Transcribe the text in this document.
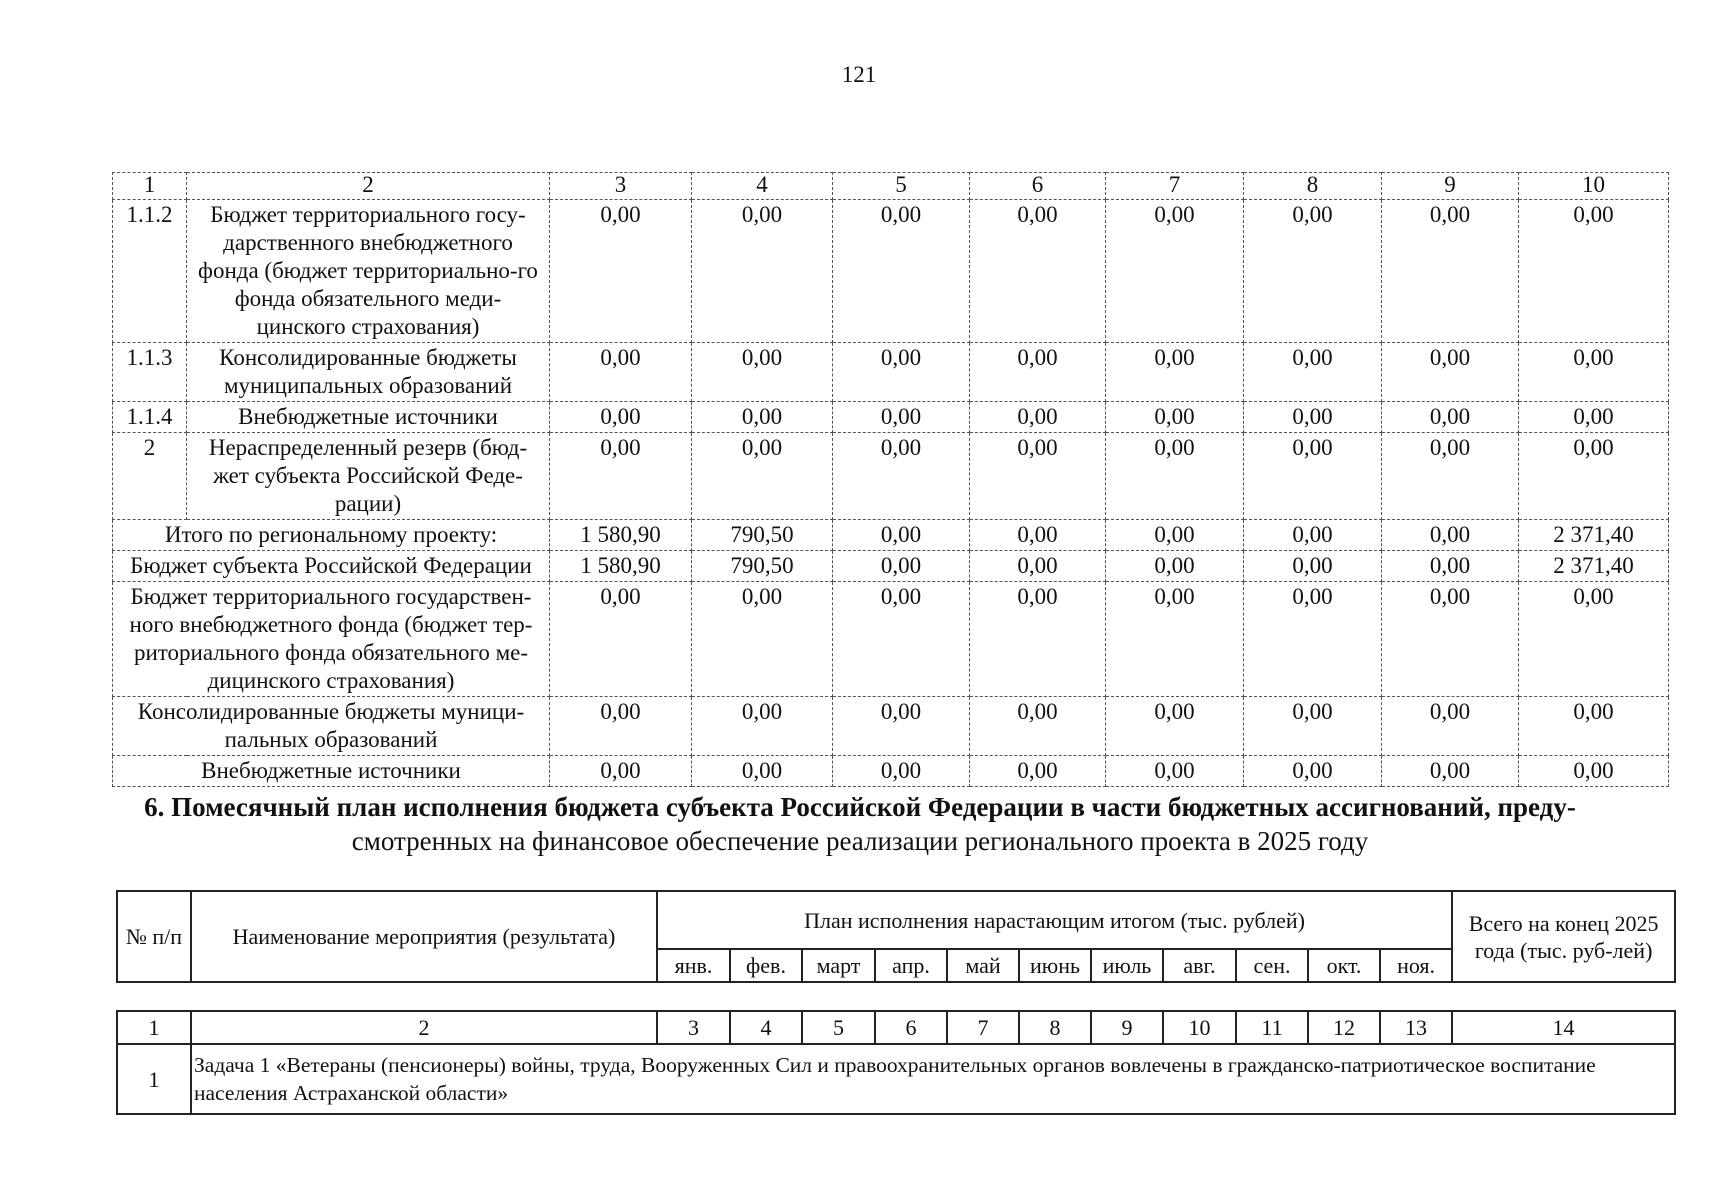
121
1	2	3	4	5	6	7	8	9	10
1.1.2	Бюджет территориального госу-дарственного внебюджетного фонда (бюджет территориально-го фонда обязательного меди-цинского страхования)	0,00	0,00	0,00	0,00	0,00	0,00	0,00	0,00
1.1.3	Консолидированные бюджеты муниципальных образований	0,00	0,00	0,00	0,00	0,00	0,00	0,00	0,00
1.1.4	Внебюджетные источники	0,00	0,00	0,00	0,00	0,00	0,00	0,00	0,00
2	Нераспределенный резерв (бюд-жет субъекта Российской Феде-рации)	0,00	0,00	0,00	0,00	0,00	0,00	0,00	0,00
Итого по региональному проекту:		1 580,90	790,50	0,00	0,00	0,00	0,00	0,00	2 371,40
Бюджет субъекта Российской Федерации		1 580,90	790,50	0,00	0,00	0,00	0,00	0,00	2 371,40
Бюджет территориального государствен-ного внебюджетного фонда (бюджет тер-риториального фонда обязательного ме-дицинского страхования)		0,00	0,00	0,00	0,00	0,00	0,00	0,00	0,00
Консолидированные бюджеты муници-пальных образований		0,00	0,00	0,00	0,00	0,00	0,00	0,00	0,00
Внебюджетные источники		0,00	0,00	0,00	0,00	0,00	0,00	0,00	0,00
6. Помесячный план исполнения бюджета субъекта Российской Федерации в части бюджетных ассигнований, преду-
смотренных на финансовое обеспечение реализации регионального проекта в 2025 году
№ п/п	Наименование мероприятия (результата)	План исполнения нарастающим итогом (тыс. рублей)											Всего на конец 2025 года (тыс. руб-лей)
		янв.	фев.	март	апр.	май	июнь	июль	авг.	сен.	окт.	ноя.	
1	2	3	4	5	6	7	8	9	10	11	12	13	14
1	Задача 1 «Ветераны (пенсионеры) войны, труда, Вооруженных Сил и правоохранительных органов вовлечены в гражданско-патриотическое воспитание населения Астраханской области»												
